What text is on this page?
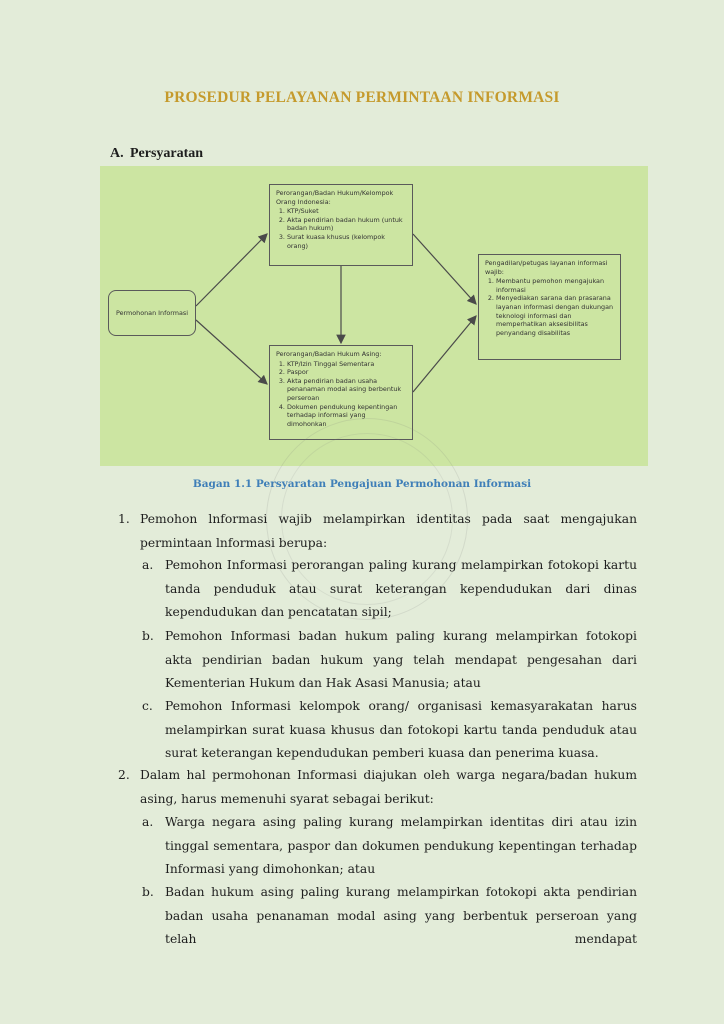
PROSEDUR PELAYANAN PERMINTAAN INFORMASI
A. Persyaratan
Permohonan Informasi
Perorangan/Badan Hukum/Kelompok Orang Indonesia:
1. KTP/Suket
2. Akta pendirian badan hukum (untuk badan hukum)
3. Surat kuasa khusus (kelompok orang)
Perorangan/Badan Hukum Asing:
1. KTP/Izin Tinggal Sementara
2. Paspor
3. Akta pendirian badan usaha penanaman modal asing berbentuk perseroan
4. Dokumen pendukung kepentingan terhadap informasi yang dimohonkan
Pengadilan/petugas layanan informasi wajib:
1. Membantu pemohon mengajukan informasi
2. Menyediakan sarana dan prasarana layanan informasi dengan dukungan teknologi informasi dan memperhatikan aksesibilitas penyandang disabilitas
Bagan 1.1 Persyaratan Pengajuan Permohonan Informasi
1. Pemohon lnformasi wajib melampirkan identitas pada saat mengajukan permintaan lnformasi berupa:
a. Pemohon Informasi perorangan paling kurang melampirkan fotokopi kartu tanda penduduk atau surat keterangan kependudukan dari dinas kependudukan dan pencatatan sipil;
b. Pemohon Informasi badan hukum paling kurang melampirkan fotokopi akta pendirian badan hukum yang telah mendapat pengesahan dari Kementerian Hukum dan Hak Asasi Manusia; atau
c. Pemohon Informasi kelompok orang/ organisasi kemasyarakatan harus melampirkan surat kuasa khusus dan fotokopi kartu tanda penduduk atau surat keterangan kependudukan pemberi kuasa dan penerima kuasa.
2. Dalam hal permohonan Informasi diajukan oleh warga negara/badan hukum asing, harus memenuhi syarat sebagai berikut:
a. Warga negara asing paling kurang melampirkan identitas diri atau izin tinggal sementara, paspor dan dokumen pendukung kepentingan terhadap Informasi yang dimohonkan; atau
b. Badan hukum asing paling kurang melampirkan fotokopi akta pendirian badan usaha penanaman modal asing yang berbentuk perseroan yang telah mendapat
